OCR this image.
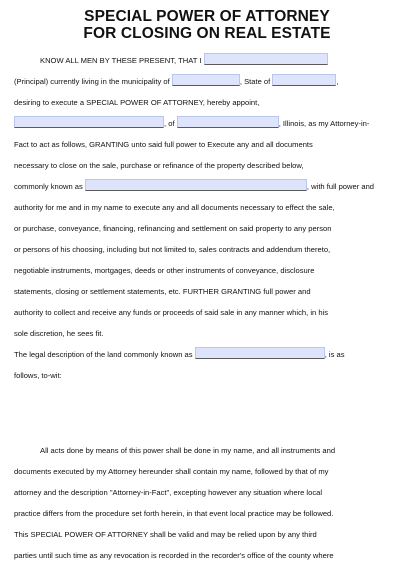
SPECIAL POWER OF ATTORNEY
FOR CLOSING ON REAL ESTATE
KNOW ALL MEN BY THESE PRESENT, THAT I
(Principal) currently living in the municipality of	, State of	,
desiring to execute a SPECIAL POWER OF ATTORNEY, hereby appoint,
, of	, Illinois, as my Attorney-in-
Fact to act as follows, GRANTING unto said full power to Execute any and all documents
necessary to close on the sale, purchase or refinance of the property described below,
commonly known as	, with full power and
authority for me and in my name to execute any and all documents necessary to effect the sale,
or purchase, conveyance, financing, refinancing and settlement on said property to any person
or persons of his choosing, including but not limited to, sales contracts and addendum thereto,
negotiable instruments, mortgages, deeds or other instruments of conveyance, disclosure
statements, closing or settlement statements, etc. FURTHER GRANTING full power and
authority to collect and receive any funds or proceeds of said sale in any manner which, in his
sole discretion, he sees fit.
The legal description of the land commonly known as	, is as
follows, to-wit:
All acts done by means of this power shall be done in my name, and all instruments and
documents executed by my Attorney hereunder shall contain my name, followed by that of my
attorney and the description "Attorney-in-Fact", excepting however any situation where local
practice differs from the procedure set forth herein, in that event local practice may be followed.
This SPECIAL POWER OF ATTORNEY shall be valid and may be relied upon by any third
parties until such time as any revocation is recorded in the recorder's office of the county where
